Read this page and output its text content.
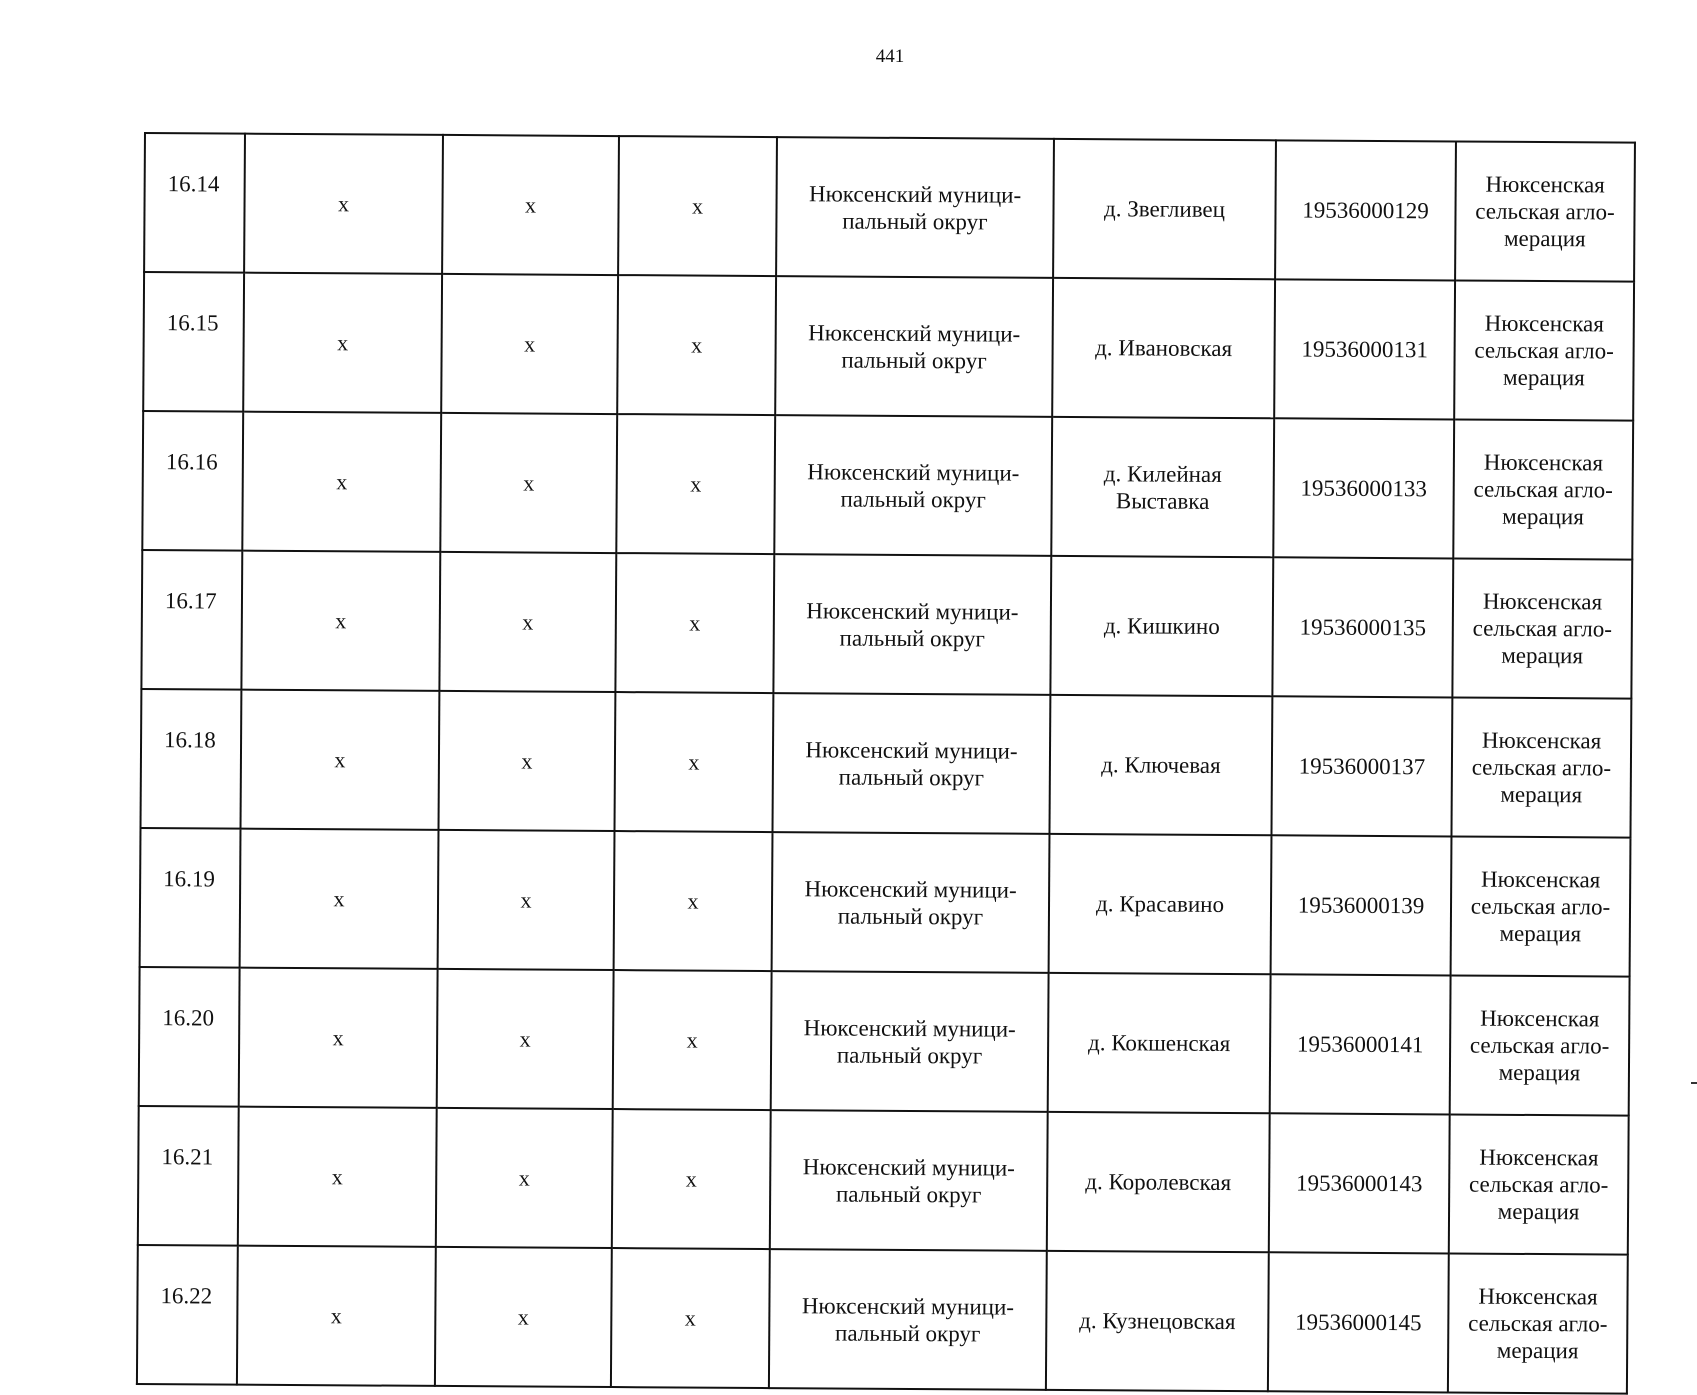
441
16.14	x	x	x	Нюксенский муници-
пальный округ	д. Звегливец	19536000129	Нюксенская
сельская агло-
мерация
16.15	x	x	x	Нюксенский муници-
пальный округ	д. Ивановская	19536000131	Нюксенская
сельская агло-
мерация
16.16	x	x	x	Нюксенский муници-
пальный округ	д. Килейная
Выставка	19536000133	Нюксенская
сельская агло-
мерация
16.17	x	x	x	Нюксенский муници-
пальный округ	д. Кишкино	19536000135	Нюксенская
сельская агло-
мерация
16.18	x	x	x	Нюксенский муници-
пальный округ	д. Ключевая	19536000137	Нюксенская
сельская агло-
мерация
16.19	x	x	x	Нюксенский муници-
пальный округ	д. Красавино	19536000139	Нюксенская
сельская агло-
мерация
16.20	x	x	x	Нюксенский муници-
пальный округ	д. Кокшенская	19536000141	Нюксенская
сельская агло-
мерация
16.21	x	x	x	Нюксенский муници-
пальный округ	д. Королевская	19536000143	Нюксенская
сельская агло-
мерация
16.22	x	x	x	Нюксенский муници-
пальный округ	д. Кузнецовская	19536000145	Нюксенская
сельская агло-
мерация
